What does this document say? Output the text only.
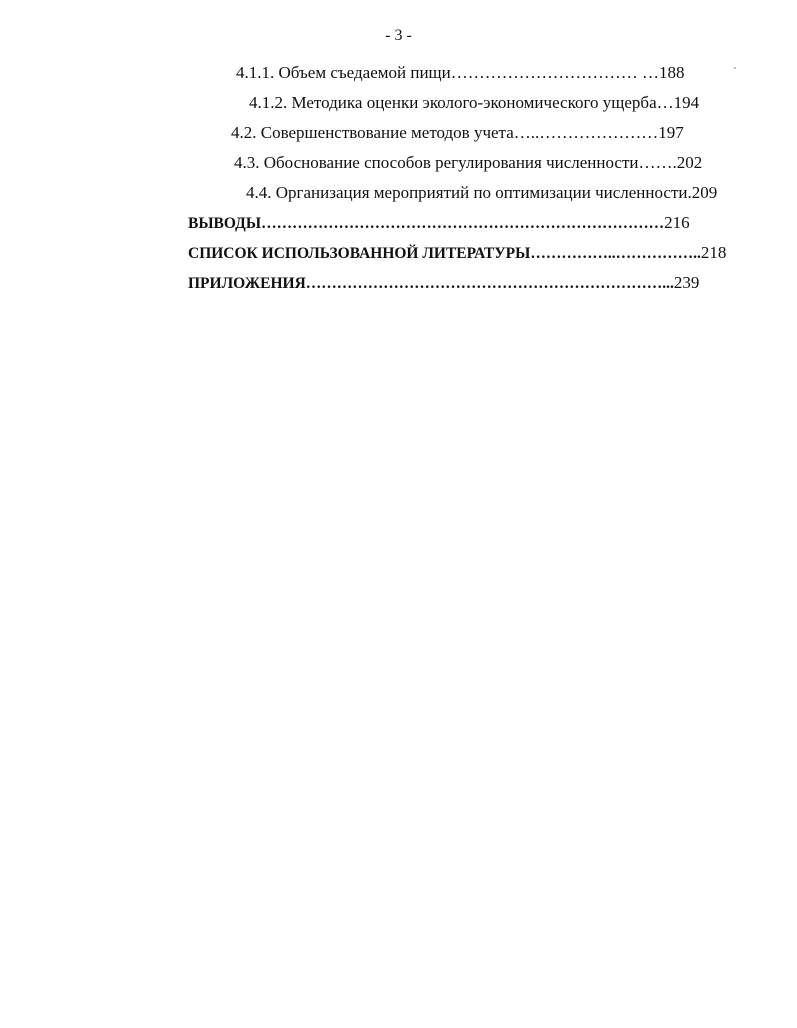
- 3 -
4.1.1. Объем съедаемой пищи…………………………… …188
4.1.2. Методика оценки эколого-экономического ущерба…194
4.2. Совершенствование методов учета…..…………………197
4.3. Обоснование способов регулирования численности…….202
4.4. Организация мероприятий по оптимизации численности.209
ВЫВОДЫ……………………………………………………………………216
СПИСОК ИСПОЛЬЗОВАННОЙ ЛИТЕРАТУРЫ……………..……………..218
ПРИЛОЖЕНИЯ……………………………………………………………...239
